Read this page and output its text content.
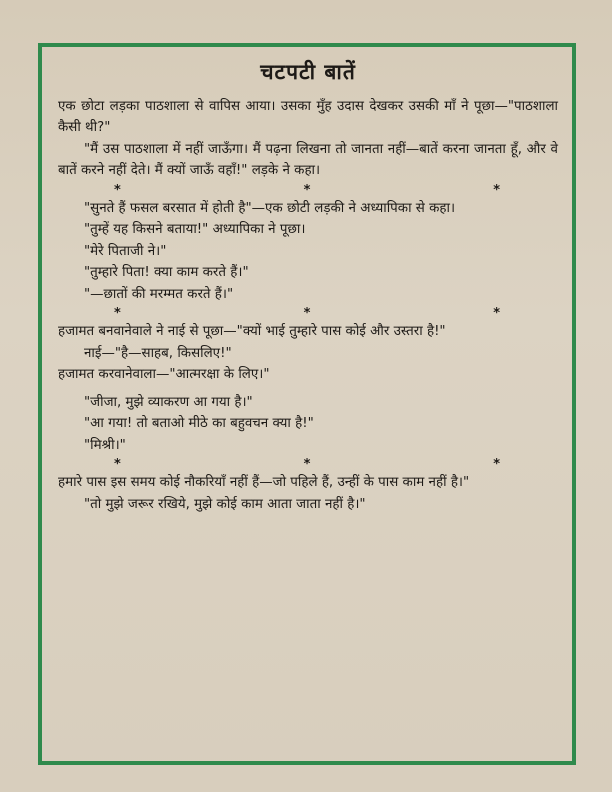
चटपटी बातें

एक छोटा लड़का पाठशाला से वापिस आया। उसका मुँह उदास देखकर उसकी माँ ने पूछा—"पाठशाला कैसी थी?"

"मैं उस पाठशाला में नहीं जाऊँगा। मैं पढ़ना लिखना तो जानता नहीं—बातें करना जानता हूँ, और वे बातें करने नहीं देते। मैं क्यों जाऊँ वहाँ!" लड़के ने कहा।

*	*	*

"सुनते हैं फसल बरसात में होती है"—एक छोटी लड़की ने अध्यापिका से कहा।

"तुम्हें यह किसने बताया!" अध्यापिका ने पूछा।

"मेरे पिताजी ने।"

"तुम्हारे पिता! क्या काम करते हैं।"

"—छातों की मरम्मत करते हैं।"

*	*	*

हजामत बनवानेवाले ने नाई से पूछा—"क्यों भाई तुम्हारे पास कोई और उस्तरा है!"

नाई—"है—साहब, किसलिए!"

हजामत करवानेवाला—"आत्मरक्षा के लिए।"

"जीजा, मुझे व्याकरण आ गया है।"

"आ गया! तो बताओ मीठे का बहुवचन क्या है!"

"मिश्री।"

*	*	*

हमारे पास इस समय कोई नौकरियाँ नहीं हैं—जो पहिले हैं, उन्हीं के पास काम नहीं है।"

"तो मुझे जरूर रखिये, मुझे कोई काम आता जाता नहीं है।"
